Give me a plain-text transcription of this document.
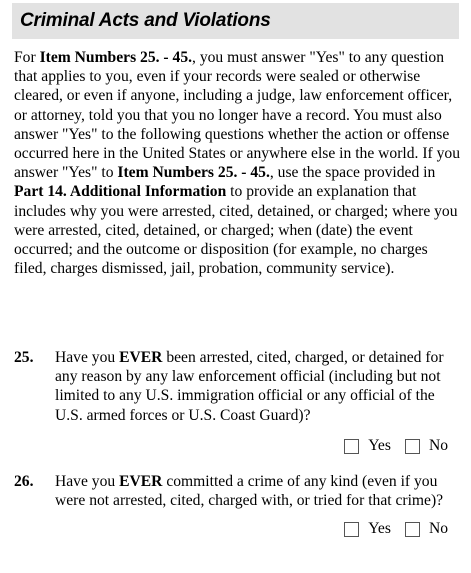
Criminal Acts and Violations

For Item Numbers 25. - 45., you must answer "Yes" to any question that applies to you, even if your records were sealed or otherwise cleared, or even if anyone, including a judge, law enforcement officer, or attorney, told you that you no longer have a record. You must also answer "Yes" to the following questions whether the action or offense occurred here in the United States or anywhere else in the world. If you answer "Yes" to Item Numbers 25. - 45., use the space provided in Part 14. Additional Information to provide an explanation that includes why you were arrested, cited, detained, or charged; where you were arrested, cited, detained, or charged; when (date) the event occurred; and the outcome or disposition (for example, no charges filed, charges dismissed, jail, probation, community service).

25. Have you EVER been arrested, cited, charged, or detained for any reason by any law enforcement official (including but not limited to any U.S. immigration official or any official of the U.S. armed forces or U.S. Coast Guard)?

Yes No
26. Have you EVER committed a crime of any kind (even if you were not arrested, cited, charged with, or tried for that crime)?

Yes No
